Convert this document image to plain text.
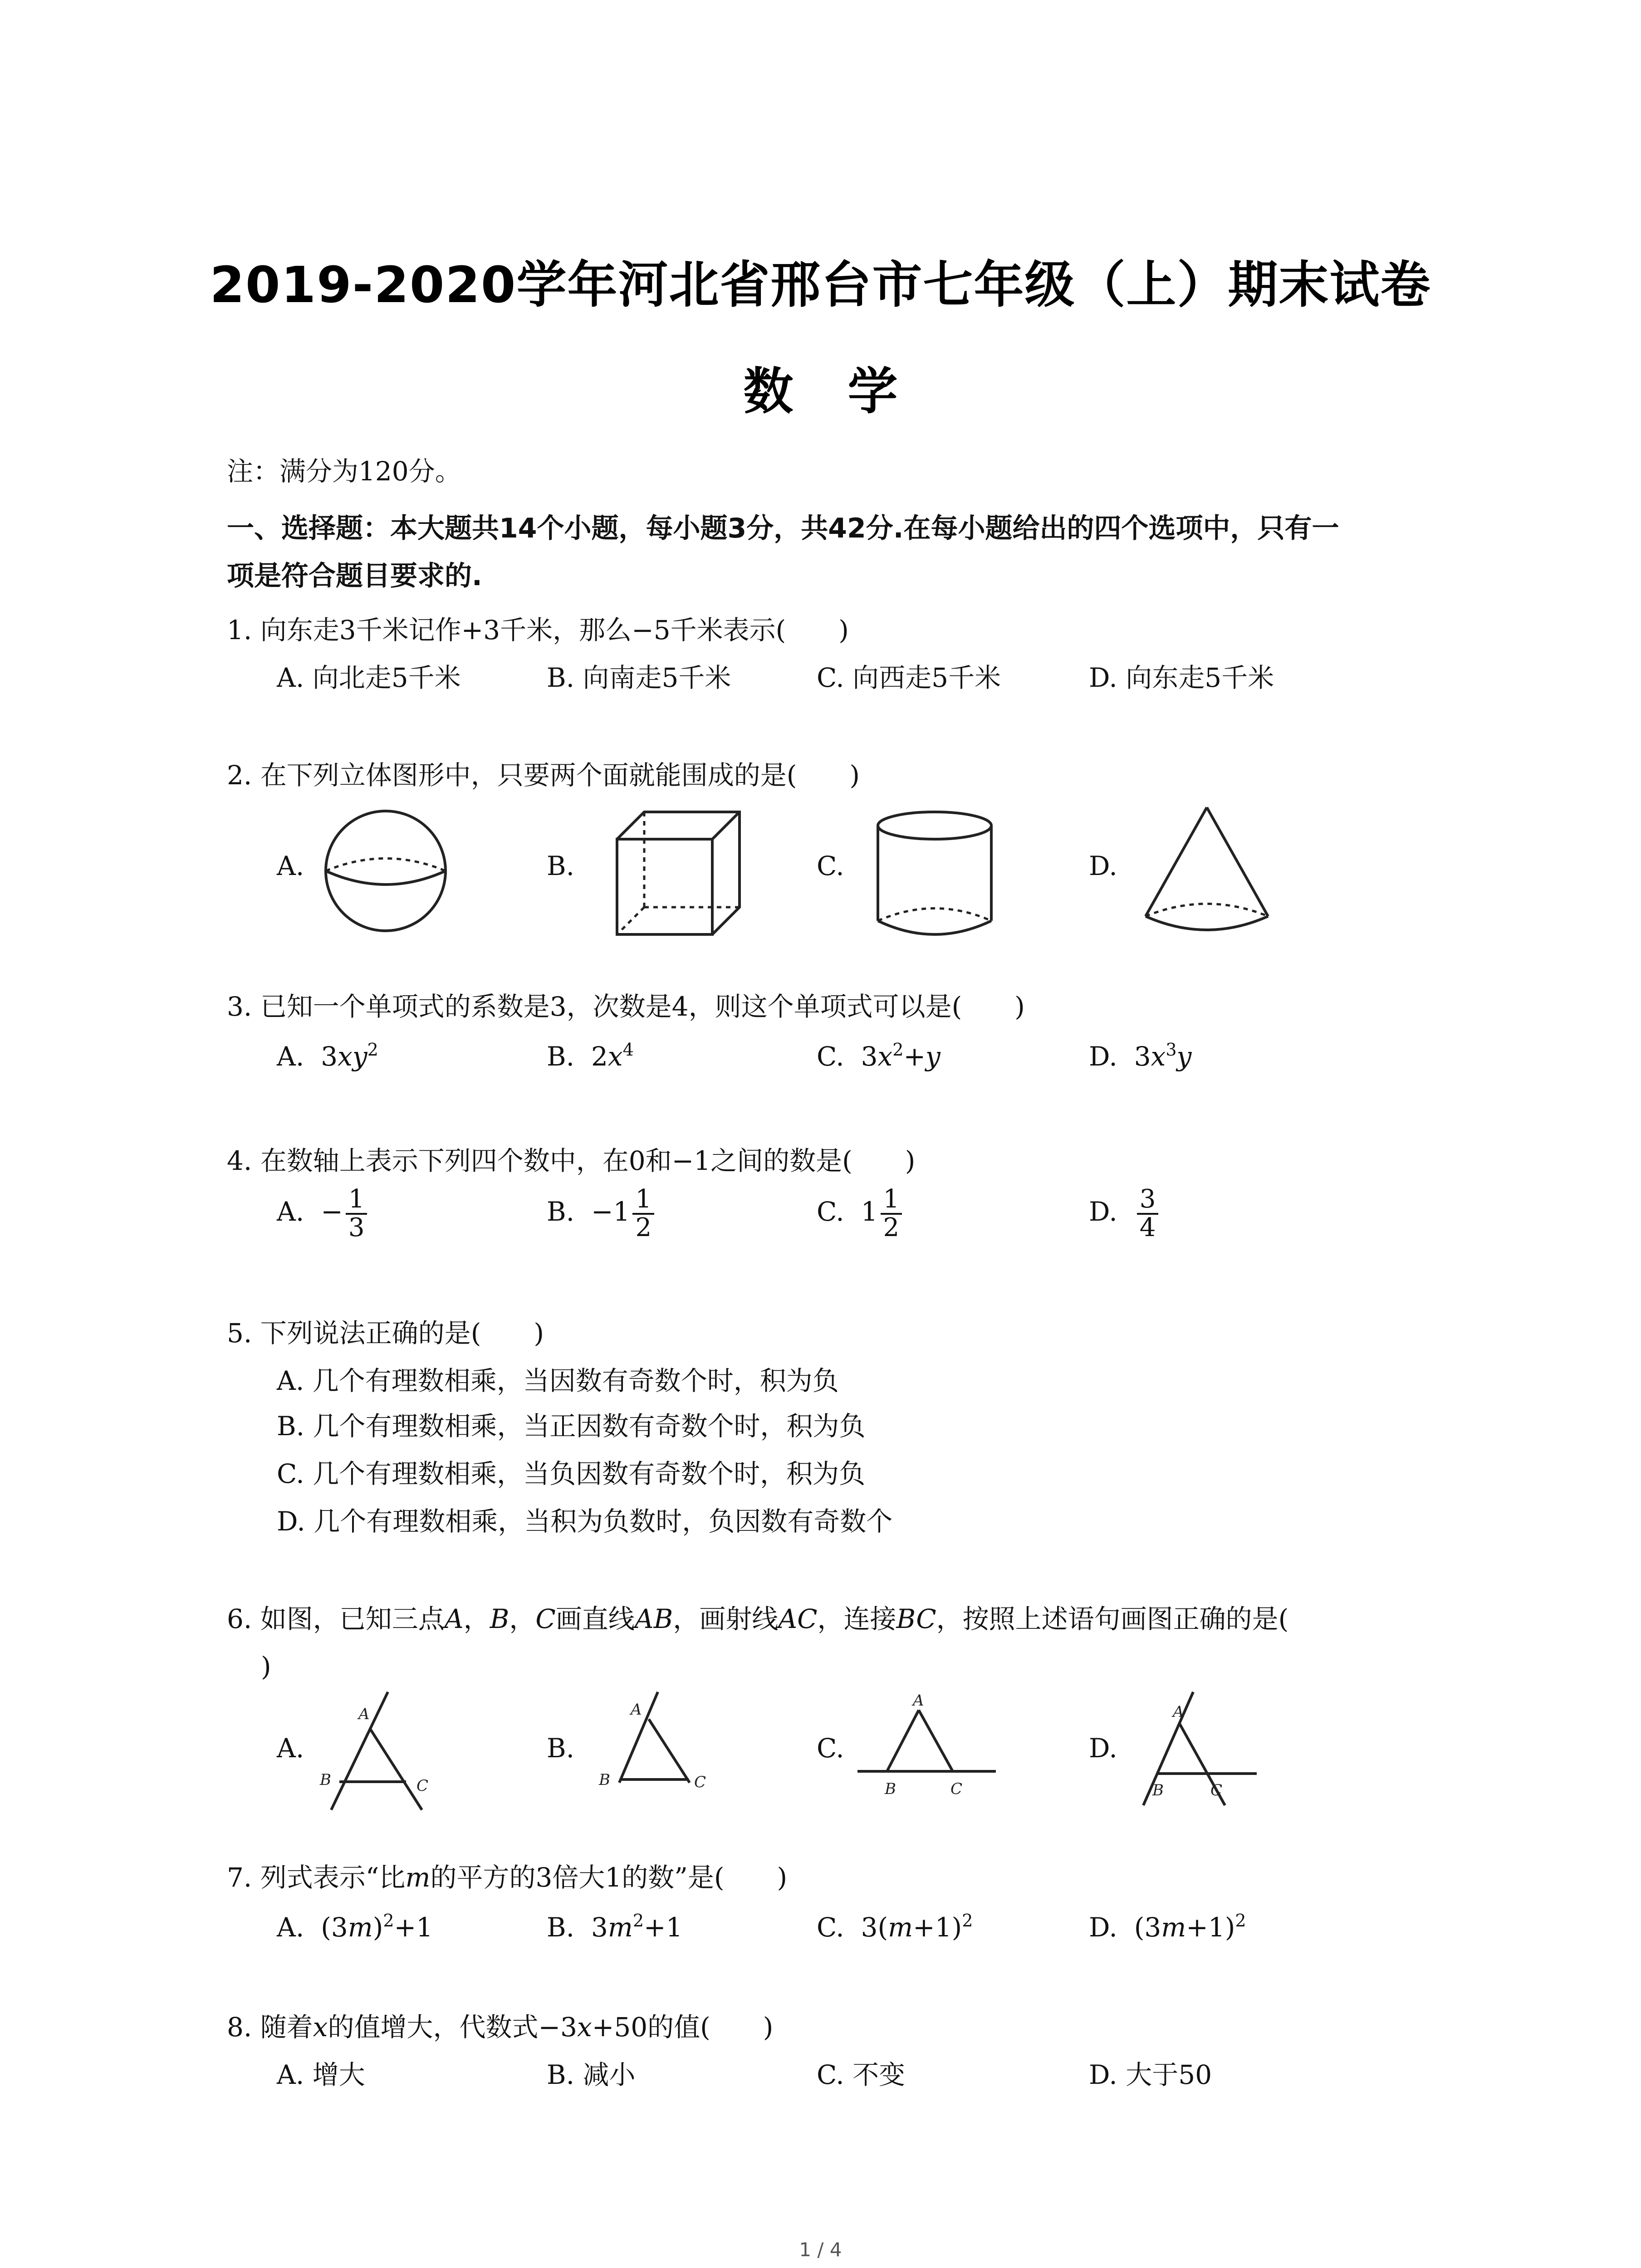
2019-2020学年河北省邢台市七年级（上）期末试卷
数学
注：满分为120分。
一、选择题：本大题共14个小题，每小题3分，共42分.在每小题给出的四个选项中，只有一
项是符合题目要求的.
1. 向东走3千米记作+3千米，那么−5千米表示(　　)
A. 向北走5千米	B. 向南走5千米	C. 向西走5千米	D. 向东走5千米
2. 在下列立体图形中，只要两个面就能围成的是(　　)
A.	B.	C.	D.
3. 已知一个单项式的系数是3，次数是4，则这个单项式可以是(　　)
A. $3xy^2$	B. $2x^4$	C. $3x^2+y$	D. $3x^3y$
4. 在数轴上表示下列四个数中，在0和−1之间的数是(　　)
A. − $\frac{1}{3}$	B. $-1 \frac{1}{2}$	C. $1 \frac{1}{2}$	D. $\frac{3}{4}$
5. 下列说法正确的是(　　)
A. 几个有理数相乘，当因数有奇数个时，积为负
B. 几个有理数相乘，当正因数有奇数个时，积为负
C. 几个有理数相乘，当负因数有奇数个时，积为负
D. 几个有理数相乘，当积为负数时，负因数有奇数个
6. 如图，已知三点A，B，C画直线AB，画射线AC，连接BC，按照上述语句画图正确的是(
)
A.	B.	C.	D.
A
B	C
A
B	C
A
B	C
A
B	C
7. 列式表示“比m的平方的3倍大1的数”是(　　)
A. $(3m)^2+1$	B. $3m^2+1$	C. $3(m+1)^2$	D. $(3m+1)^2$
8. 随着x的值增大，代数式−3x+50的值(　　)
A. 增大	B. 减小	C. 不变	D. 大于50
1 / 4
